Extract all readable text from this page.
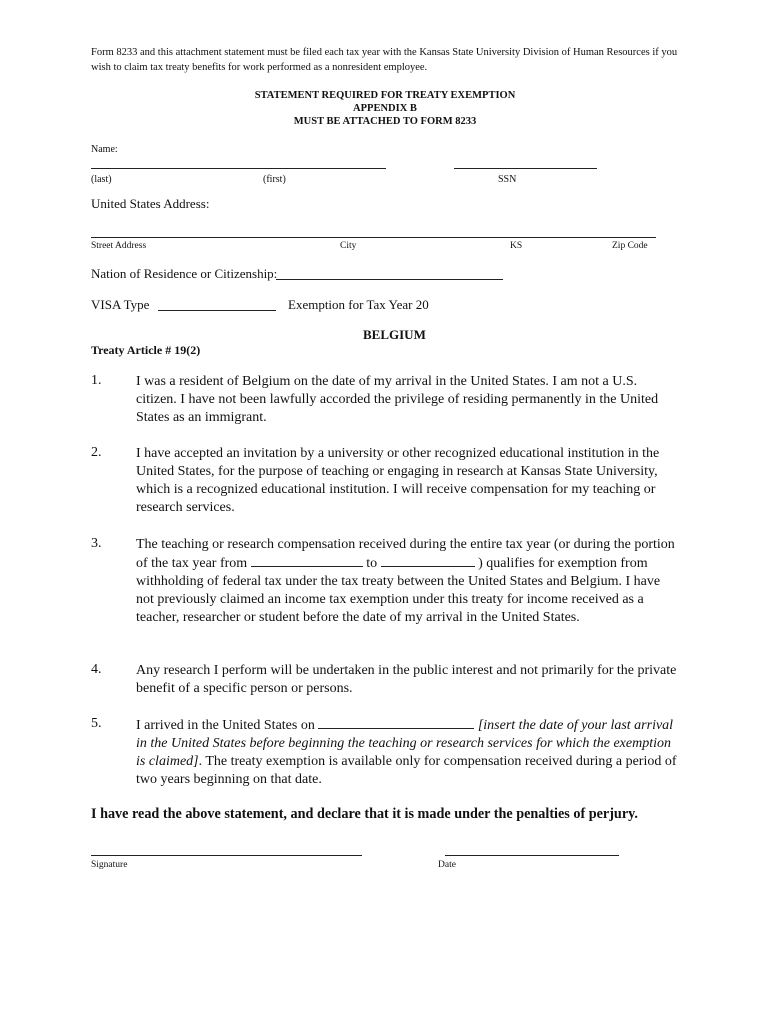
Form 8233 and this attachment statement must be filed each tax year with the Kansas State University Division of Human Resources if you wish to claim tax treaty benefits for work performed as a nonresident employee.
STATEMENT REQUIRED FOR TREATY EXEMPTION
APPENDIX B
MUST BE ATTACHED TO FORM 8233
Name:
(last)	(first)	SSN
United States Address:
Street Address	City	KS	Zip Code
Nation of Residence or Citizenship:
VISA Type	Exemption for Tax Year 20
BELGIUM
Treaty Article # 19(2)
1. I was a resident of Belgium on the date of my arrival in the United States. I am not a U.S. citizen. I have not been lawfully accorded the privilege of residing permanently in the United States as an immigrant.
2. I have accepted an invitation by a university or other recognized educational institution in the United States, for the purpose of teaching or engaging in research at Kansas State University, which is a recognized educational institution. I will receive compensation for my teaching or research services.
3. The teaching or research compensation received during the entire tax year (or during the portion of the tax year from	to	) qualifies for exemption from withholding of federal tax under the tax treaty between the United States and Belgium. I have not previously claimed an income tax exemption under this treaty for income received as a teacher, researcher or student before the date of my arrival in the United States.
4. Any research I perform will be undertaken in the public interest and not primarily for the private benefit of a specific person or persons.
5. I arrived in the United States on	[insert the date of your last arrival in the United States before beginning the teaching or research services for which the exemption is claimed]. The treaty exemption is available only for compensation received during a period of two years beginning on that date.
I have read the above statement, and declare that it is made under the penalties of perjury.
Signature	Date
